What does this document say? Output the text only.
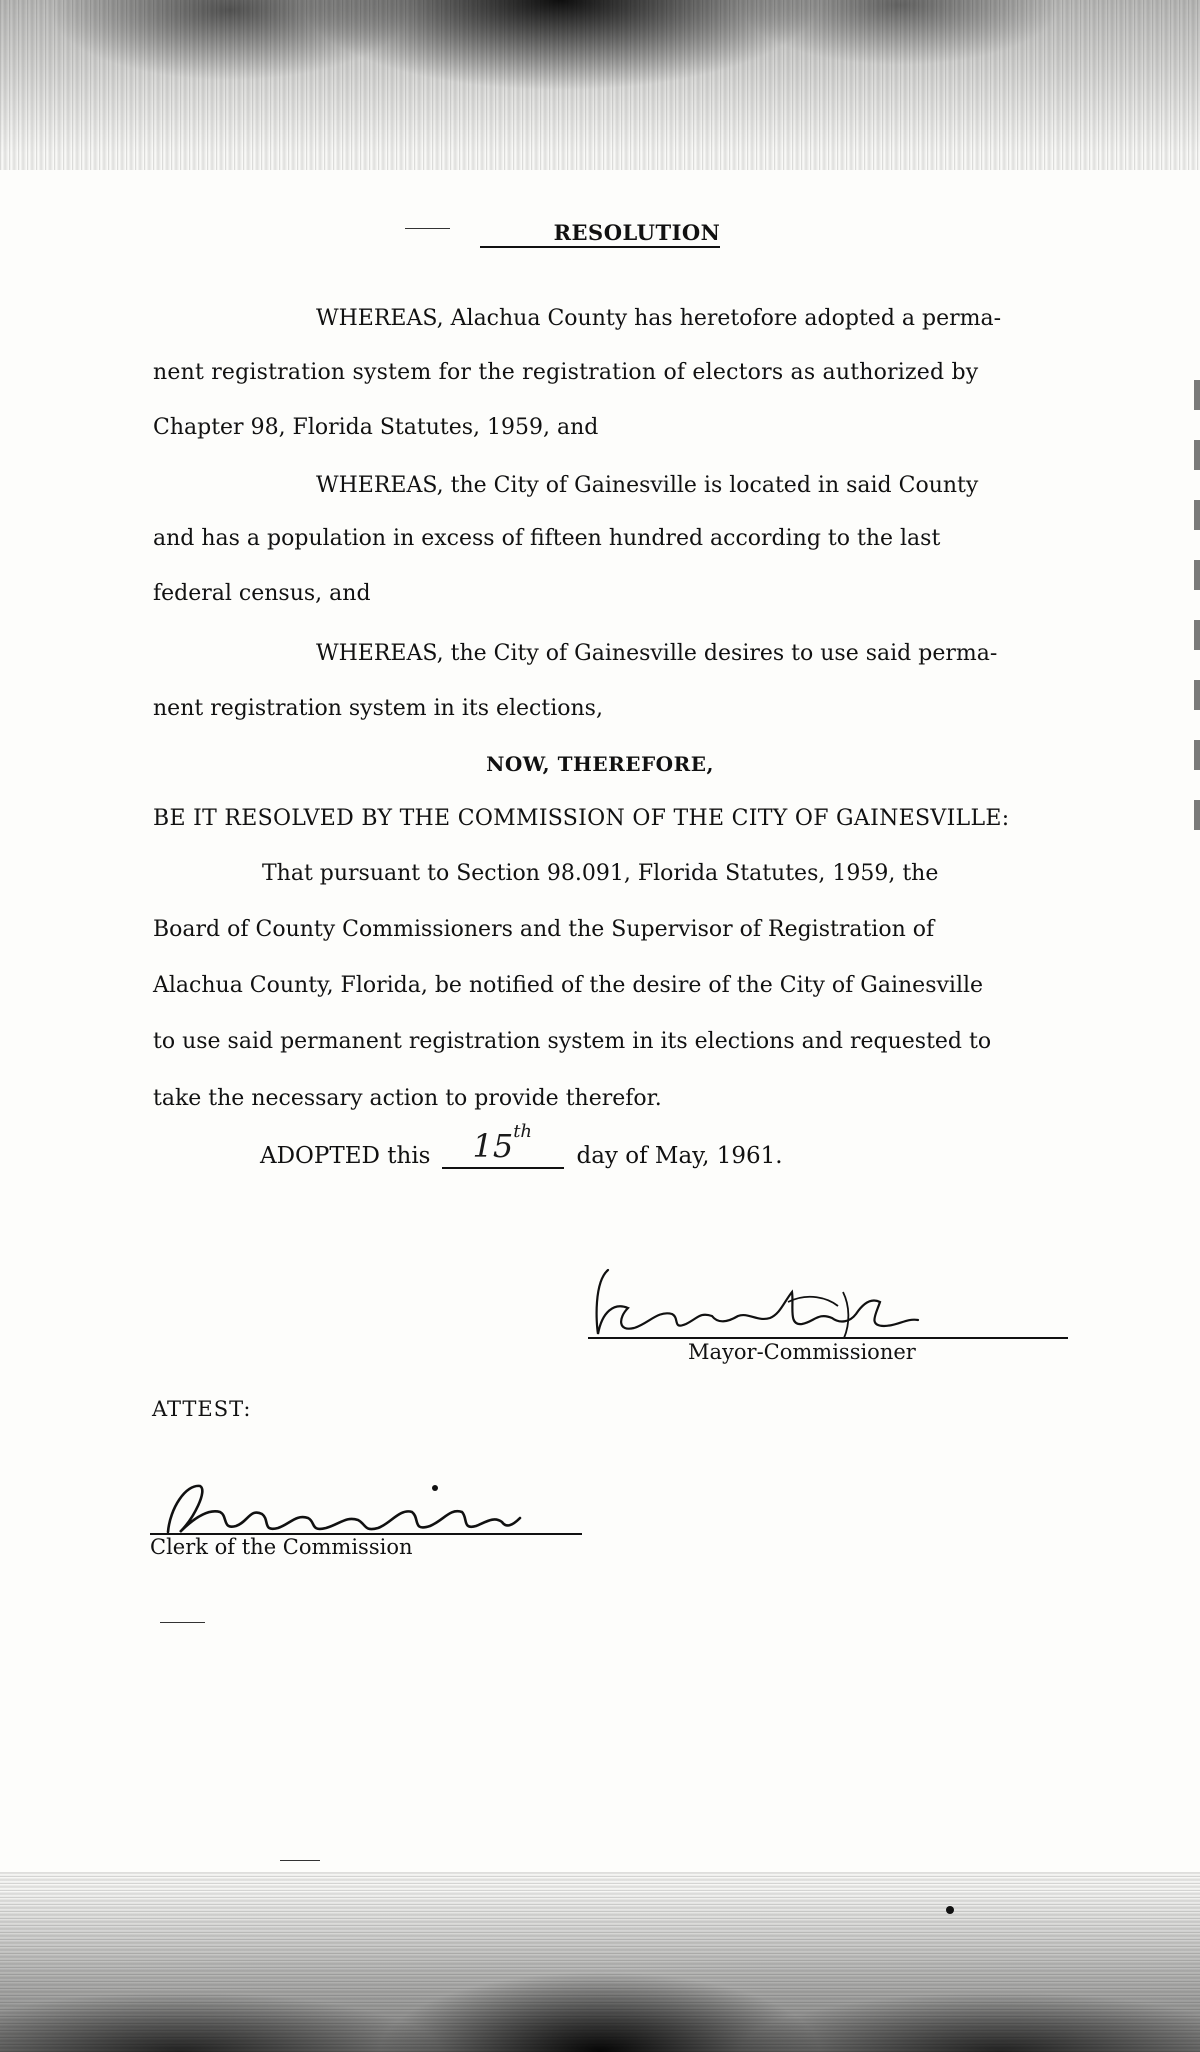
RESOLUTION
WHEREAS, Alachua County has heretofore adopted a perma-
nent registration system for the registration of electors as authorized by
Chapter 98, Florida Statutes, 1959, and
WHEREAS, the City of Gainesville is located in said County
and has a population in excess of fifteen hundred according to the last
federal census, and
WHEREAS, the City of Gainesville desires to use said perma-
nent registration system in its elections,
NOW, THEREFORE,
BE IT RESOLVED BY THE COMMISSION OF THE CITY OF GAINESVILLE:
That pursuant to Section 98.091, Florida Statutes, 1959, the
Board of County Commissioners and the Supervisor of Registration of
Alachua County, Florida, be notified of the desire of the City of Gainesville
to use said permanent registration system in its elections and requested to
take the necessary action to provide therefor.
ADOPTED this 15th
day of May, 1961.
Mayor-Commissioner
ATTEST:
Clerk of the Commission
